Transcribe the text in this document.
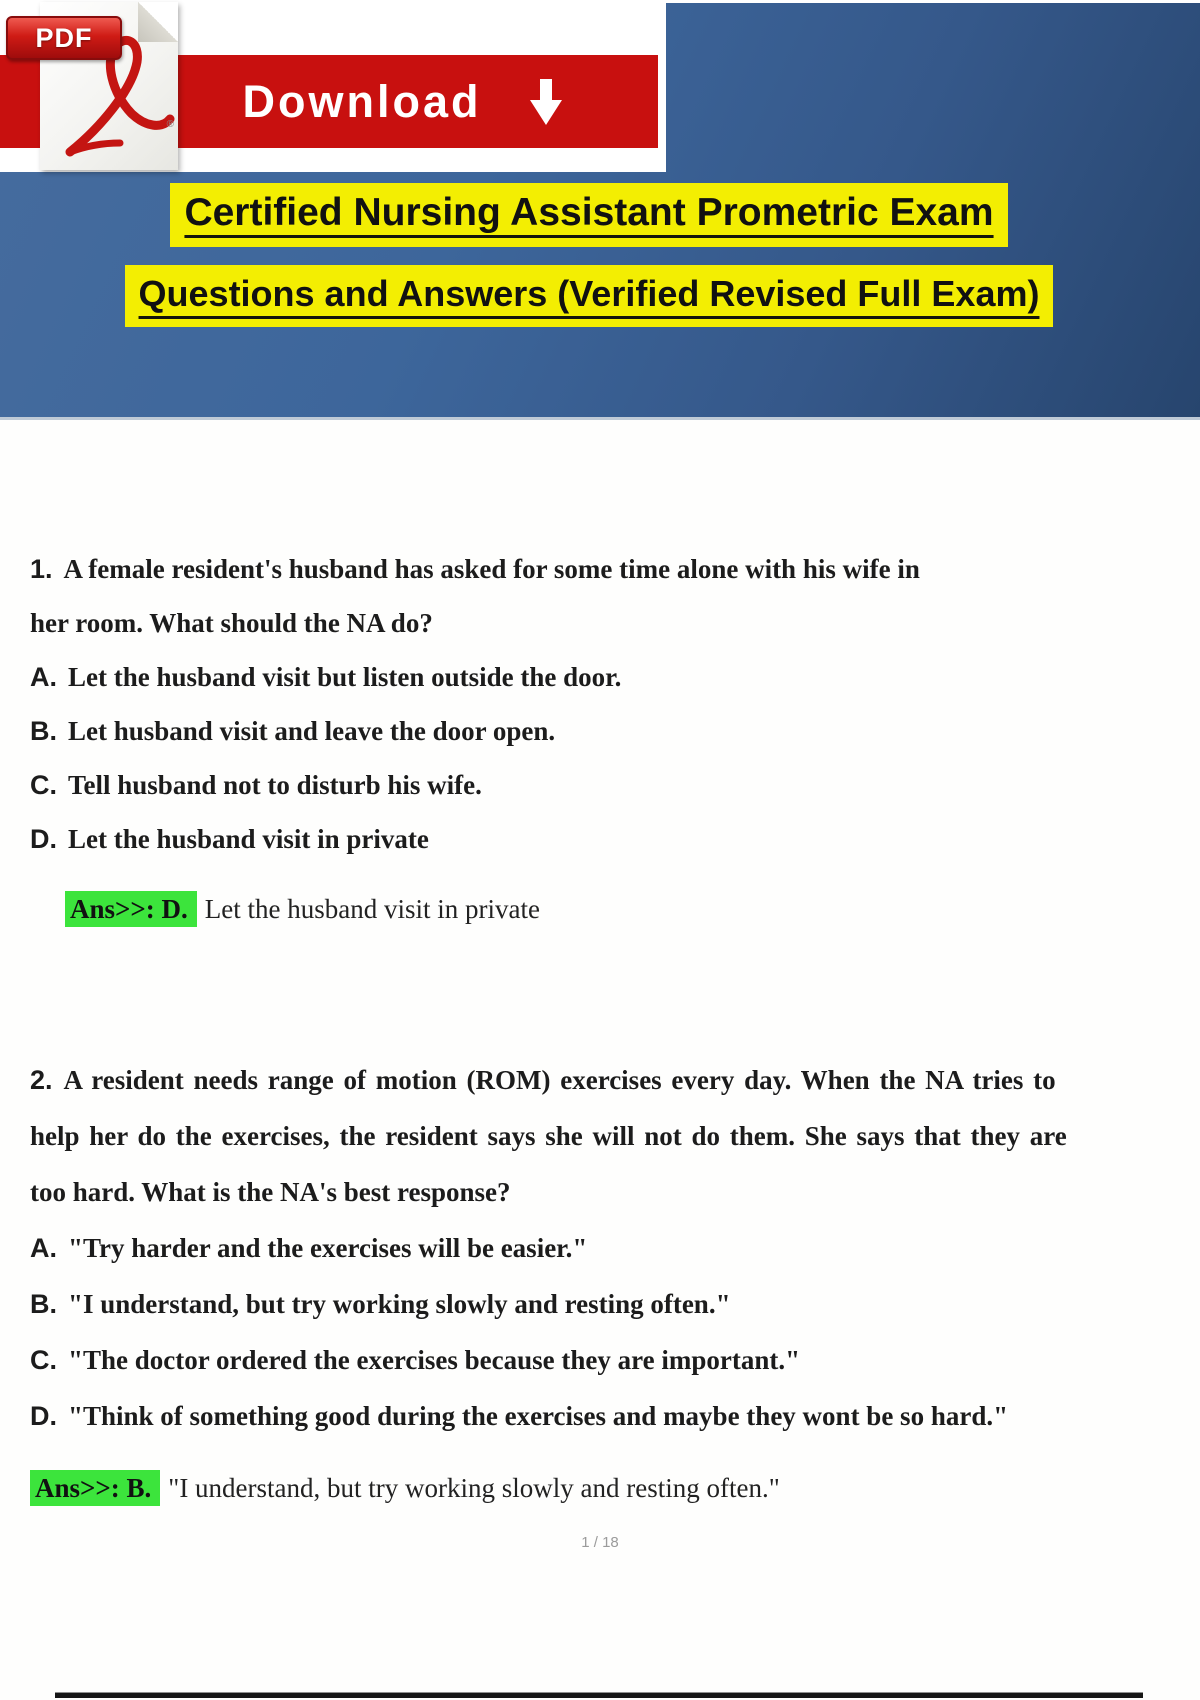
Certified Nursing Assistant Prometric Exam
Questions and Answers (Verified Revised Full Exam)
Download
®
PDF

1. A female resident's husband has asked for some time alone with his wife in

her room. What should the NA do?

A. Let the husband visit but listen outside the door.

B. Let husband visit and leave the door open.

C. Tell husband not to disturb his wife.

D. Let the husband visit in private

Ans>>: D. Let the husband visit in private

2. A resident needs range of motion (ROM) exercises every day. When the NA tries to

help her do the exercises, the resident says she will not do them. She says that they are

too hard. What is the NA's best response?

A. "Try harder and the exercises will be easier."

B. "I understand, but try working slowly and resting often."

C. "The doctor ordered the exercises because they are important."

D. "Think of something good during the exercises and maybe they wont be so hard."

Ans>>: B. "I understand, but try working slowly and resting often."

1 / 18
